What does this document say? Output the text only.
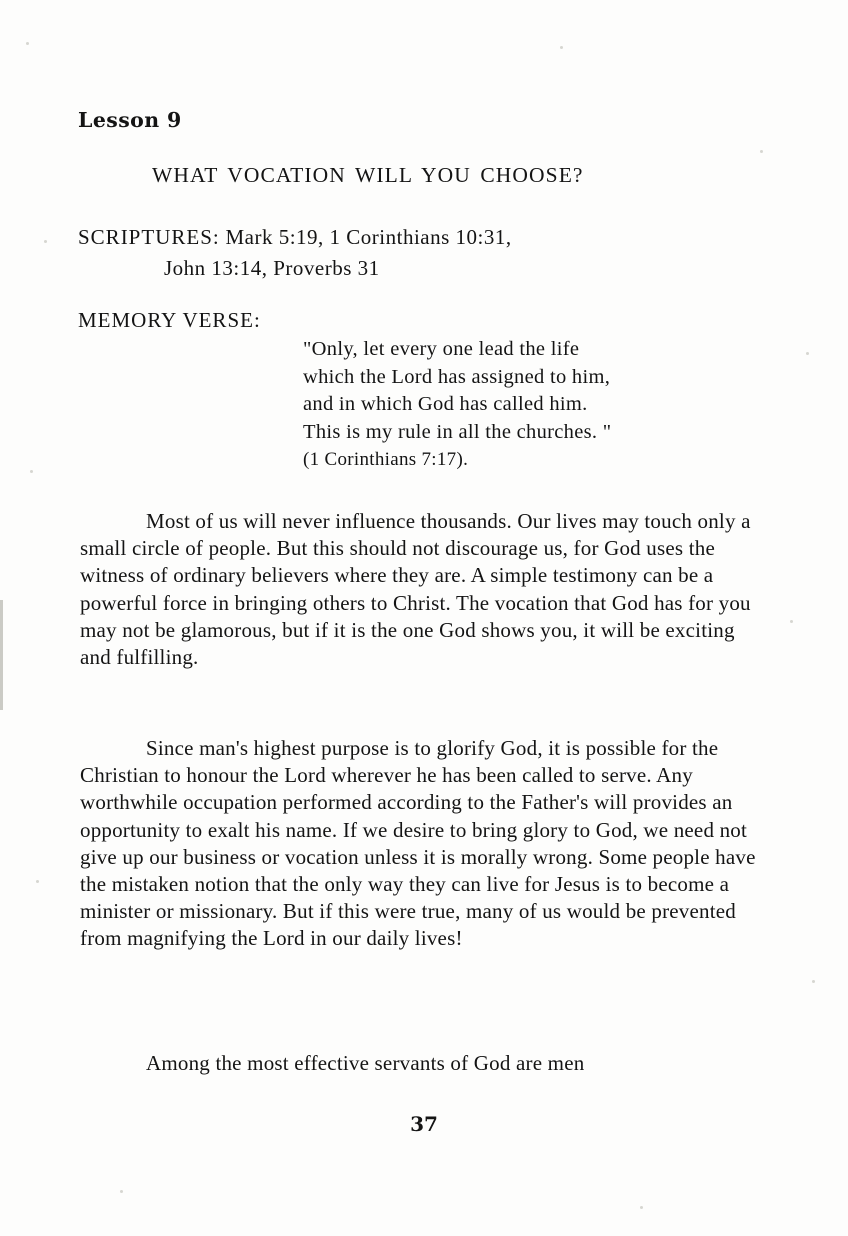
Lesson 9
WHAT VOCATION WILL YOU CHOOSE?
SCRIPTURES: Mark 5:19, 1 Corinthians 10:31,
John 13:14, Proverbs 31
MEMORY VERSE:
"Only, let every one lead the life
which the Lord has assigned to him,
and in which God has called him.
This is my rule in all the churches. "
(1 Corinthians 7:17).
Most of us will never influence thousands. Our lives may touch only a small circle of people. But this should not discourage us, for God uses the witness of ordinary believers where they are. A simple testimony can be a powerful force in bringing others to Christ. The vocation that God has for you may not be glamorous, but if it is the one God shows you, it will be exciting and fulfilling.
Since man's highest purpose is to glorify God, it is possible for the Christian to honour the Lord wherever he has been called to serve. Any worthwhile occupation performed according to the Father's will provides an opportunity to exalt his name. If we desire to bring glory to God, we need not give up our business or vocation unless it is morally wrong. Some people have the mistaken notion that the only way they can live for Jesus is to become a minister or missionary. But if this were true, many of us would be prevented from magnifying the Lord in our daily lives!
Among the most effective servants of God are men
37
